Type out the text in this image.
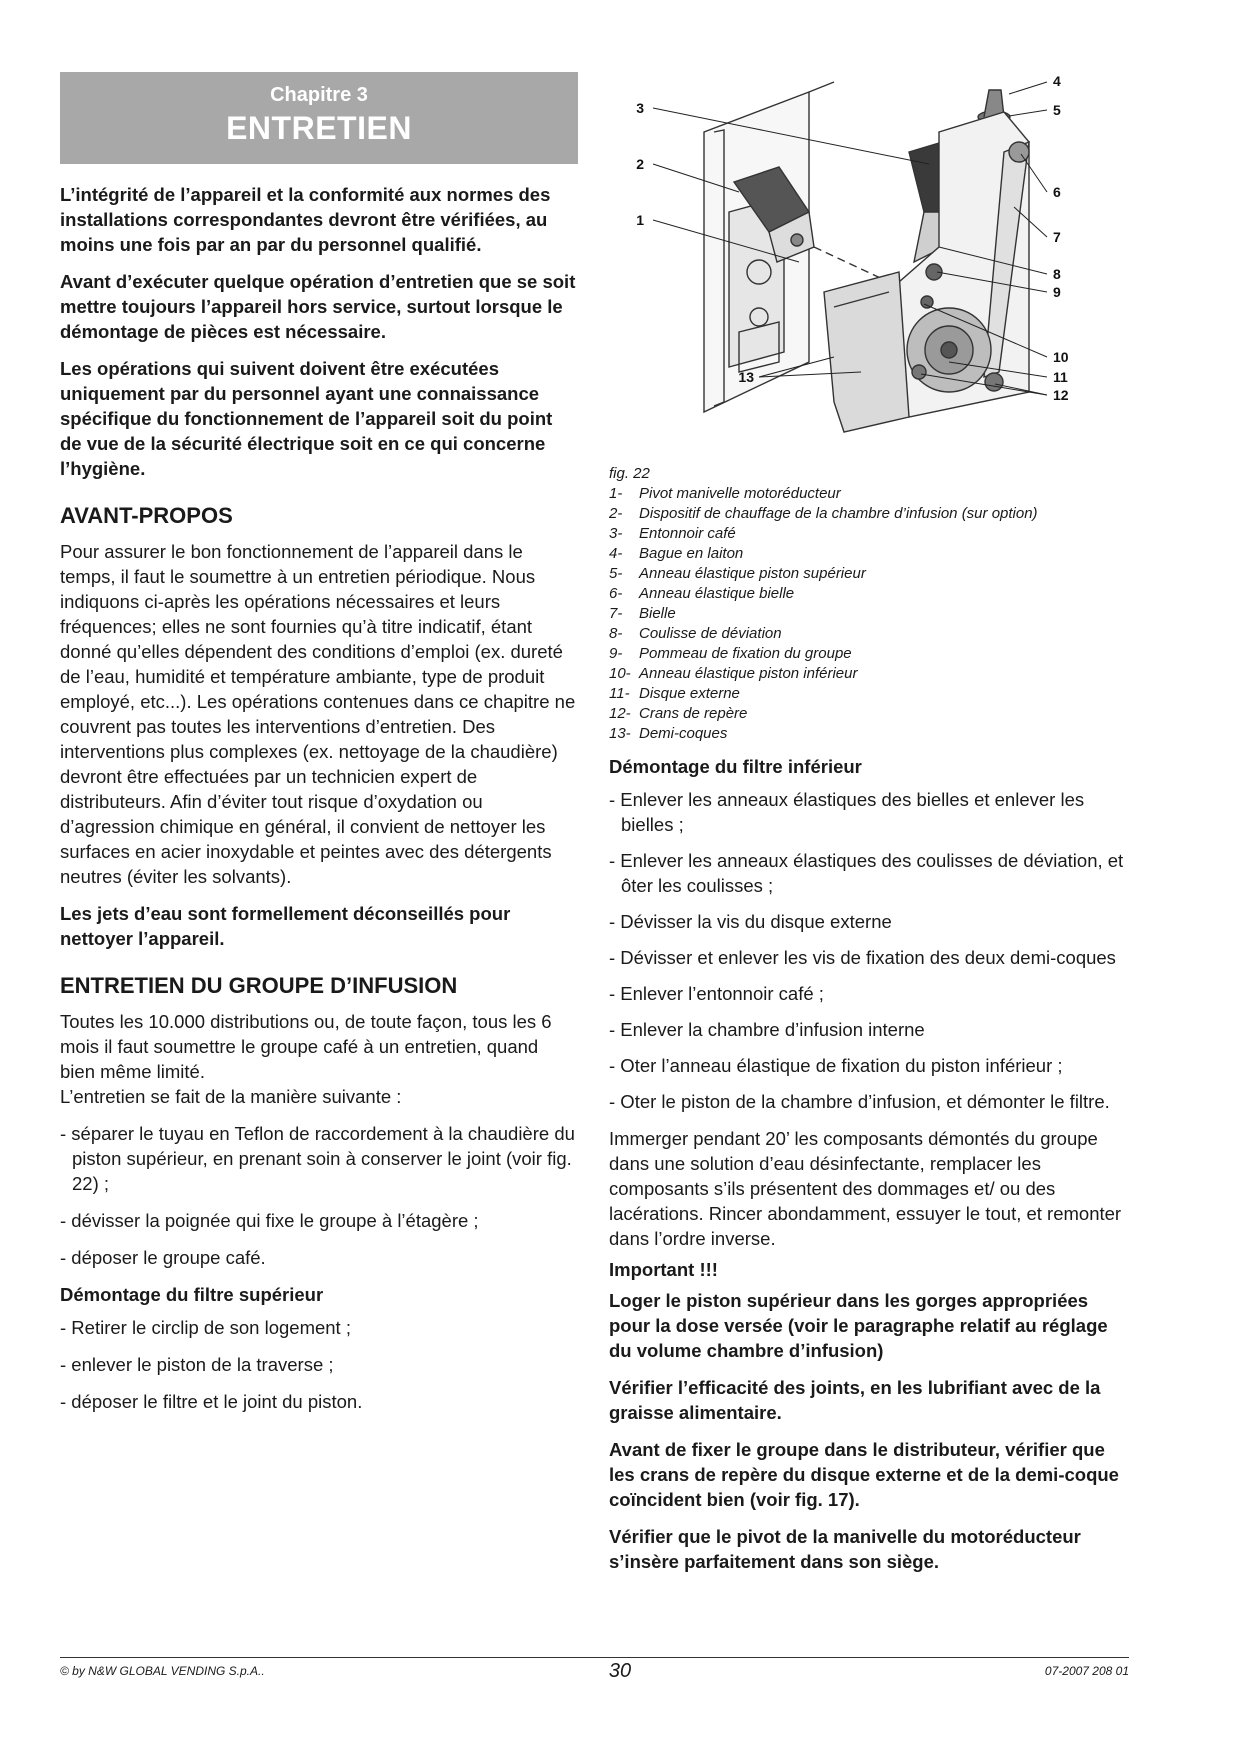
Chapitre 3
ENTRETIEN

L’intégrité de l’appareil et la conformité aux normes des installations correspondantes devront être vérifiées, au moins une fois par an par du personnel qualifié.

Avant d’exécuter quelque opération d’entretien que se soit mettre toujours l’appareil hors service, surtout lorsque le démontage de pièces est nécessaire.

Les opérations qui suivent doivent être exécutées uniquement par du personnel ayant une connaissance spécifique du fonctionnement de l’appareil soit du point de vue de la sécurité électrique soit en ce qui concerne l’hygiène.

AVANT-PROPOS

Pour assurer le bon fonctionnement de l’appareil dans le temps, il faut le soumettre à un entretien périodique. Nous indiquons ci-après les opérations nécessaires et leurs fréquences; elles ne sont fournies qu’à titre indicatif, étant donné qu’elles dépendent des conditions d’emploi (ex. dureté de l’eau, humidité et température ambiante, type de produit employé, etc...). Les opérations contenues dans ce chapitre ne couvrent pas toutes les interventions d’entretien. Des interventions plus complexes (ex. nettoyage de la chaudière) devront être effectuées par un technicien expert de distributeurs. Afin d’éviter tout risque d’oxydation ou d’agression chimique en général, il convient de nettoyer les surfaces en acier inoxydable et peintes avec des détergents neutres (éviter les solvants).

Les jets d’eau sont formellement déconseillés pour nettoyer l’appareil.

ENTRETIEN DU GROUPE D’INFUSION

Toutes les 10.000 distributions ou, de toute façon, tous les 6 mois il faut soumettre le groupe café à un entretien, quand bien même limité.

L’entretien se fait de la manière suivante :

- séparer le tuyau en Teflon de raccordement à la chaudière du piston supérieur, en prenant soin à conserver le joint (voir fig. 22) ;
- dévisser la poignée qui fixe le groupe à l’étagère ;
- déposer le groupe café.
Démontage du filtre supérieur
- Retirer le circlip de son logement ;
- enlever le piston de la traverse ;
- déposer le filtre et le joint du piston.
1
2
3
4
5
6
7
8
9
10
11
12
13
fig. 22
1- Pivot manivelle motoréducteur
2- Dispositif de chauffage de la chambre d’infusion (sur option)
3- Entonnoir café
4- Bague en laiton
5- Anneau élastique piston supérieur
6- Anneau élastique bielle
7- Bielle
8- Coulisse de déviation
9- Pommeau de fixation du groupe
10- Anneau élastique piston inférieur
11- Disque externe
12- Crans de repère
13- Demi-coques
Démontage du filtre inférieur
- Enlever les anneaux élastiques des bielles et enlever les bielles ;
- Enlever les anneaux élastiques des coulisses de déviation, et ôter les coulisses ;
- Dévisser la vis du disque externe
- Dévisser et enlever les vis de fixation des deux demi-coques
- Enlever l’entonnoir café ;
- Enlever la chambre d’infusion interne
- Oter l’anneau élastique de fixation du piston inférieur ;
- Oter le piston de la chambre d’infusion, et démonter le filtre.

Immerger pendant 20’ les composants démontés du groupe dans une solution d’eau désinfectante, remplacer les composants s’ils présentent des dommages et/ ou des lacérations. Rincer abondamment, essuyer le tout, et remonter dans l’ordre inverse.

Important !!!

Loger le piston supérieur dans les gorges appropriées pour la dose versée (voir le paragraphe relatif au réglage du volume chambre d’infusion)

Vérifier l’efficacité des joints, en les lubrifiant avec de la graisse alimentaire.

Avant de fixer le groupe dans le distributeur, vérifier que les crans de repère du disque externe et de la demi-coque coïncident bien (voir fig. 17).

Vérifier que le pivot de la manivelle du motoréducteur s’insère parfaitement dans son siège.

© by N&W GLOBAL VENDING S.p.A..	30	07-2007 208 01
